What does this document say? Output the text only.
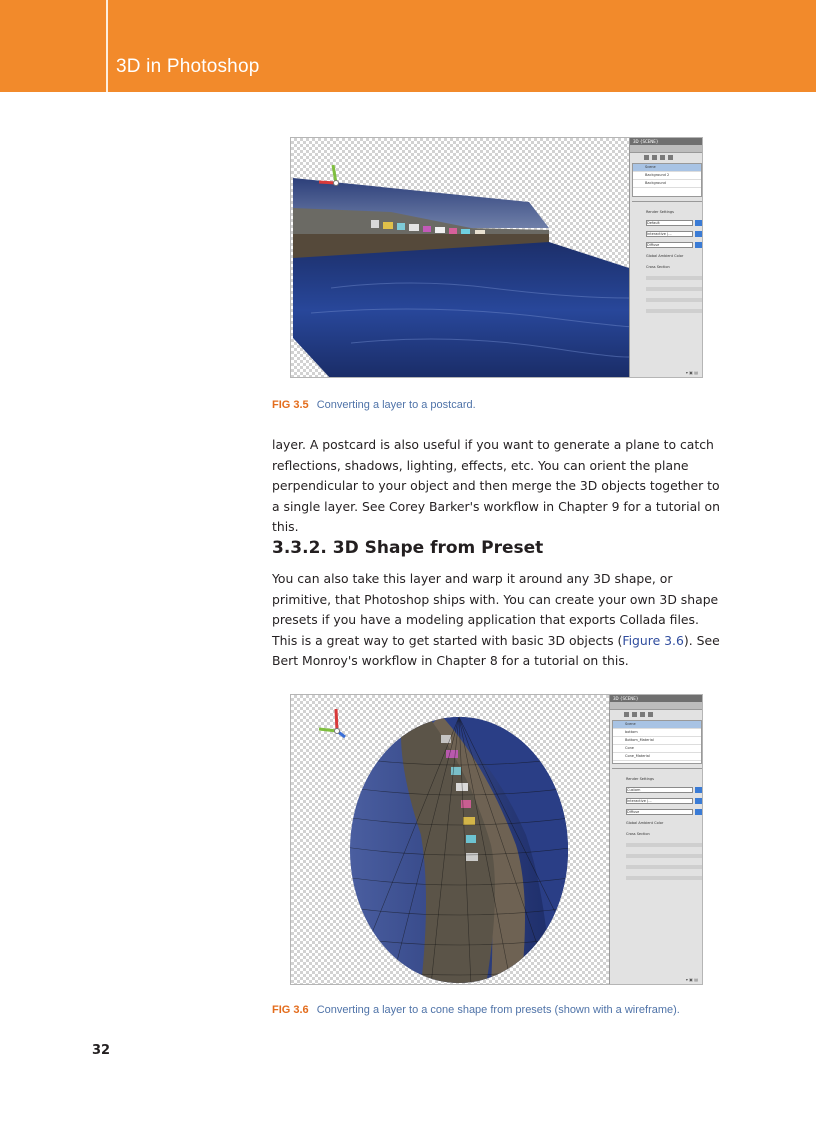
3D in Photoshop
3D {SCENE}
Scene
Background 2
Background
Render Settings
Default
Interactive (...
Diffuse
Global Ambient Color
Cross Section
▾ ▣ ▤
FIG 3.5 Converting a layer to a postcard.

layer. A postcard is also useful if you want to generate a plane to catch reflections, shadows, lighting, effects, etc. You can orient the plane perpendicular to your object and then merge the 3D objects together to a single layer. See Corey Barker's workflow in Chapter 9 for a tutorial on this.

3.3.2. 3D Shape from Preset

You can also take this layer and warp it around any 3D shape, or primitive, that Photoshop ships with. You can create your own 3D shape presets if you have a modeling application that exports Collada files. This is a great way to get started with basic 3D objects (Figure 3.6). See Bert Monroy's workflow in Chapter 8 for a tutorial on this.

3D {SCENE}
Scene
bottom
Bottom_Material
Cone
Cone_Material
Render Settings
Custom
Interactive (...
Diffuse
Global Ambient Color
Cross Section
▾ ▣ ▤
FIG 3.6 Converting a layer to a cone shape from presets (shown with a wireframe).
32
